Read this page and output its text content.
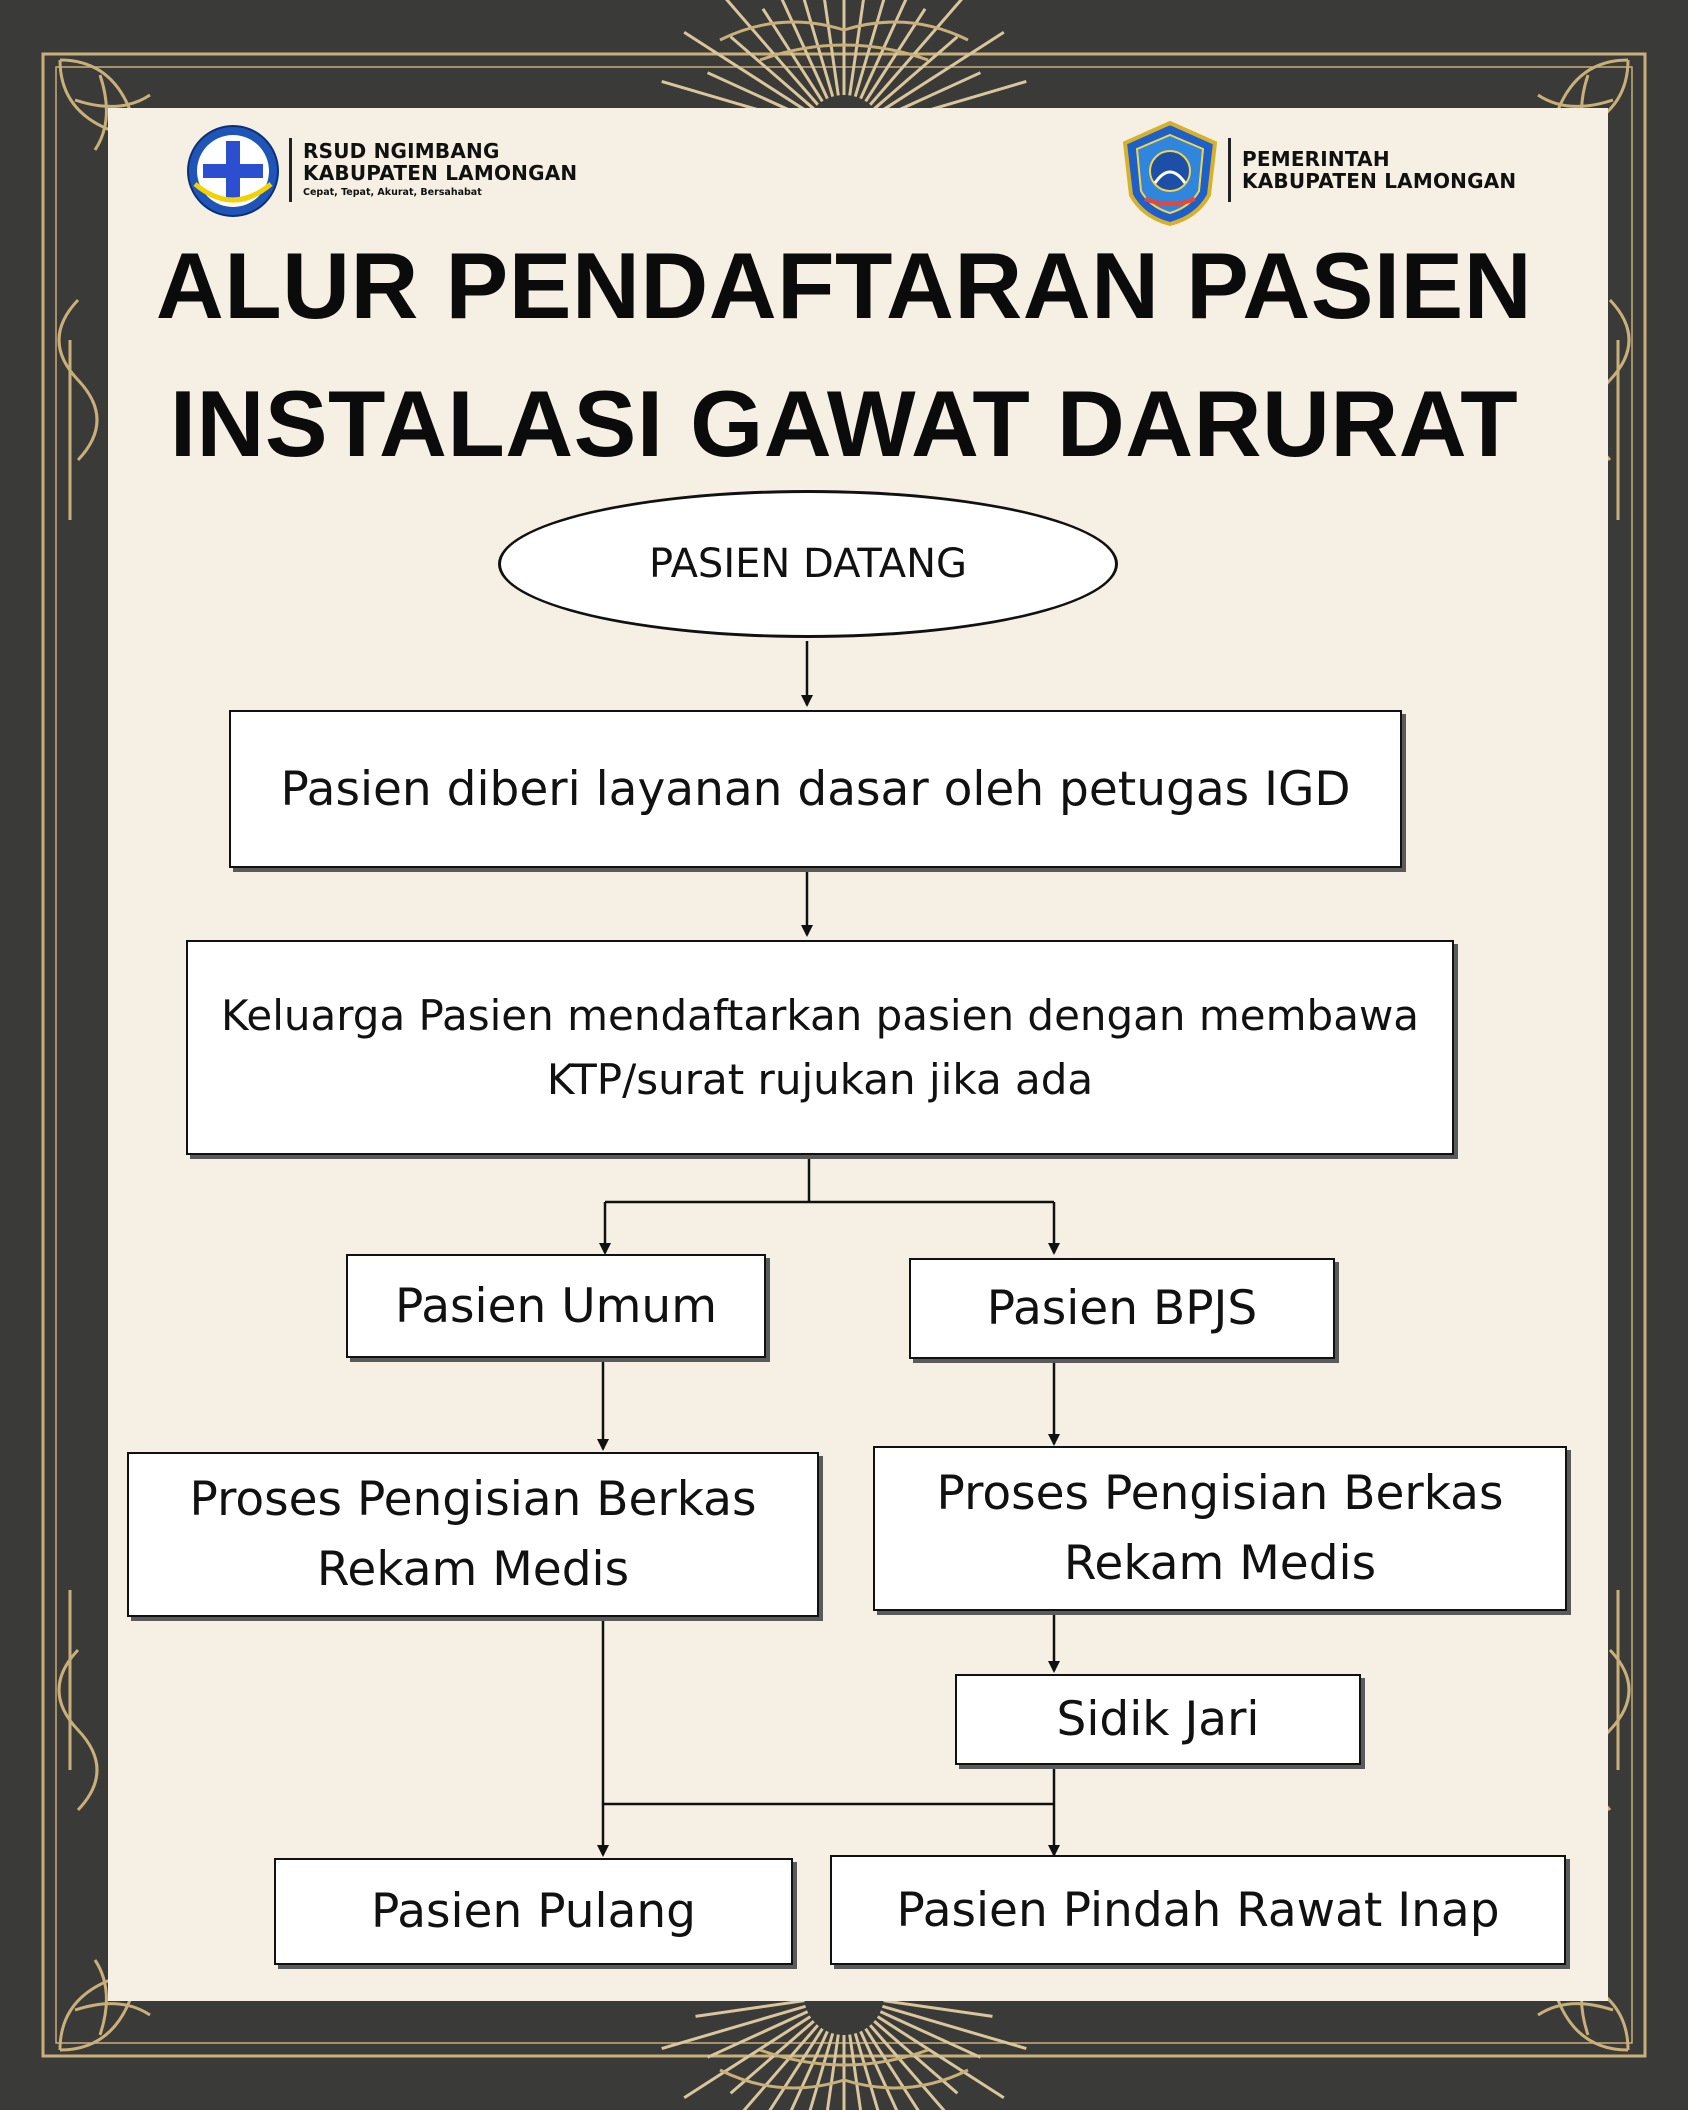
RSUD NGIMBANG
KABUPATEN LAMONGAN
Cepat, Tepat, Akurat, Bersahabat
PEMERINTAH
KABUPATEN LAMONGAN
ALUR PENDAFTARAN PASIEN
INSTALASI GAWAT DARURAT
PASIEN DATANG
Pasien diberi layanan dasar oleh petugas IGD
Keluarga Pasien mendaftarkan pasien dengan membawa
KTP/surat rujukan jika ada
Pasien Umum	Pasien BPJS
Proses Pengisian Berkas
Rekam Medis
Proses Pengisian Berkas
Rekam Medis
Sidik Jari
Pasien Pulang	Pasien Pindah Rawat Inap
